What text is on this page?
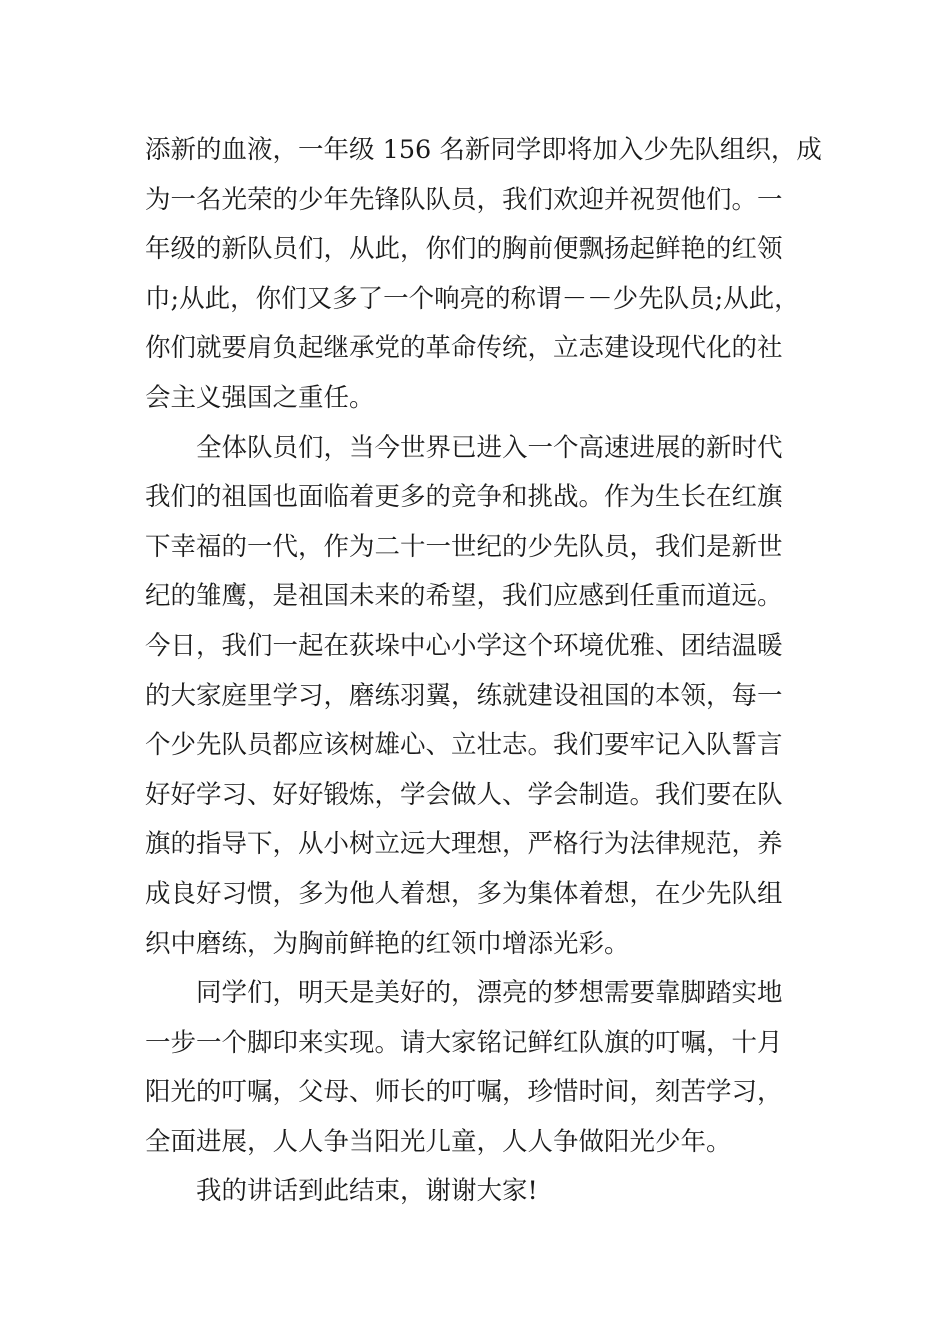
添新的血液，一年级 156 名新同学即将加入少先队组织，成
为一名光荣的少年先锋队队员，我们欢迎并祝贺他们。一
年级的新队员们，从此，你们的胸前便飘扬起鲜艳的红领
巾;从此，你们又多了一个响亮的称谓－－少先队员;从此，
你们就要肩负起继承党的革命传统，立志建设现代化的社
会主义强国之重任。
全体队员们，当今世界已进入一个高速进展的新时代
我们的祖国也面临着更多的竞争和挑战。作为生长在红旗
下幸福的一代，作为二十一世纪的少先队员，我们是新世
纪的雏鹰，是祖国未来的希望，我们应感到任重而道远。
今日，我们一起在荻垛中心小学这个环境优雅、团结温暖
的大家庭里学习，磨练羽翼，练就建设祖国的本领，每一
个少先队员都应该树雄心、立壮志。我们要牢记入队誓言
好好学习、好好锻炼，学会做人、学会制造。我们要在队
旗的指导下，从小树立远大理想，严格行为法律规范，养
成良好习惯，多为他人着想，多为集体着想，在少先队组
织中磨练，为胸前鲜艳的红领巾增添光彩。
同学们，明天是美好的，漂亮的梦想需要靠脚踏实地
一步一个脚印来实现。请大家铭记鲜红队旗的叮嘱，十月
阳光的叮嘱，父母、师长的叮嘱，珍惜时间，刻苦学习，
全面进展，人人争当阳光儿童，人人争做阳光少年。
我的讲话到此结束，谢谢大家!
